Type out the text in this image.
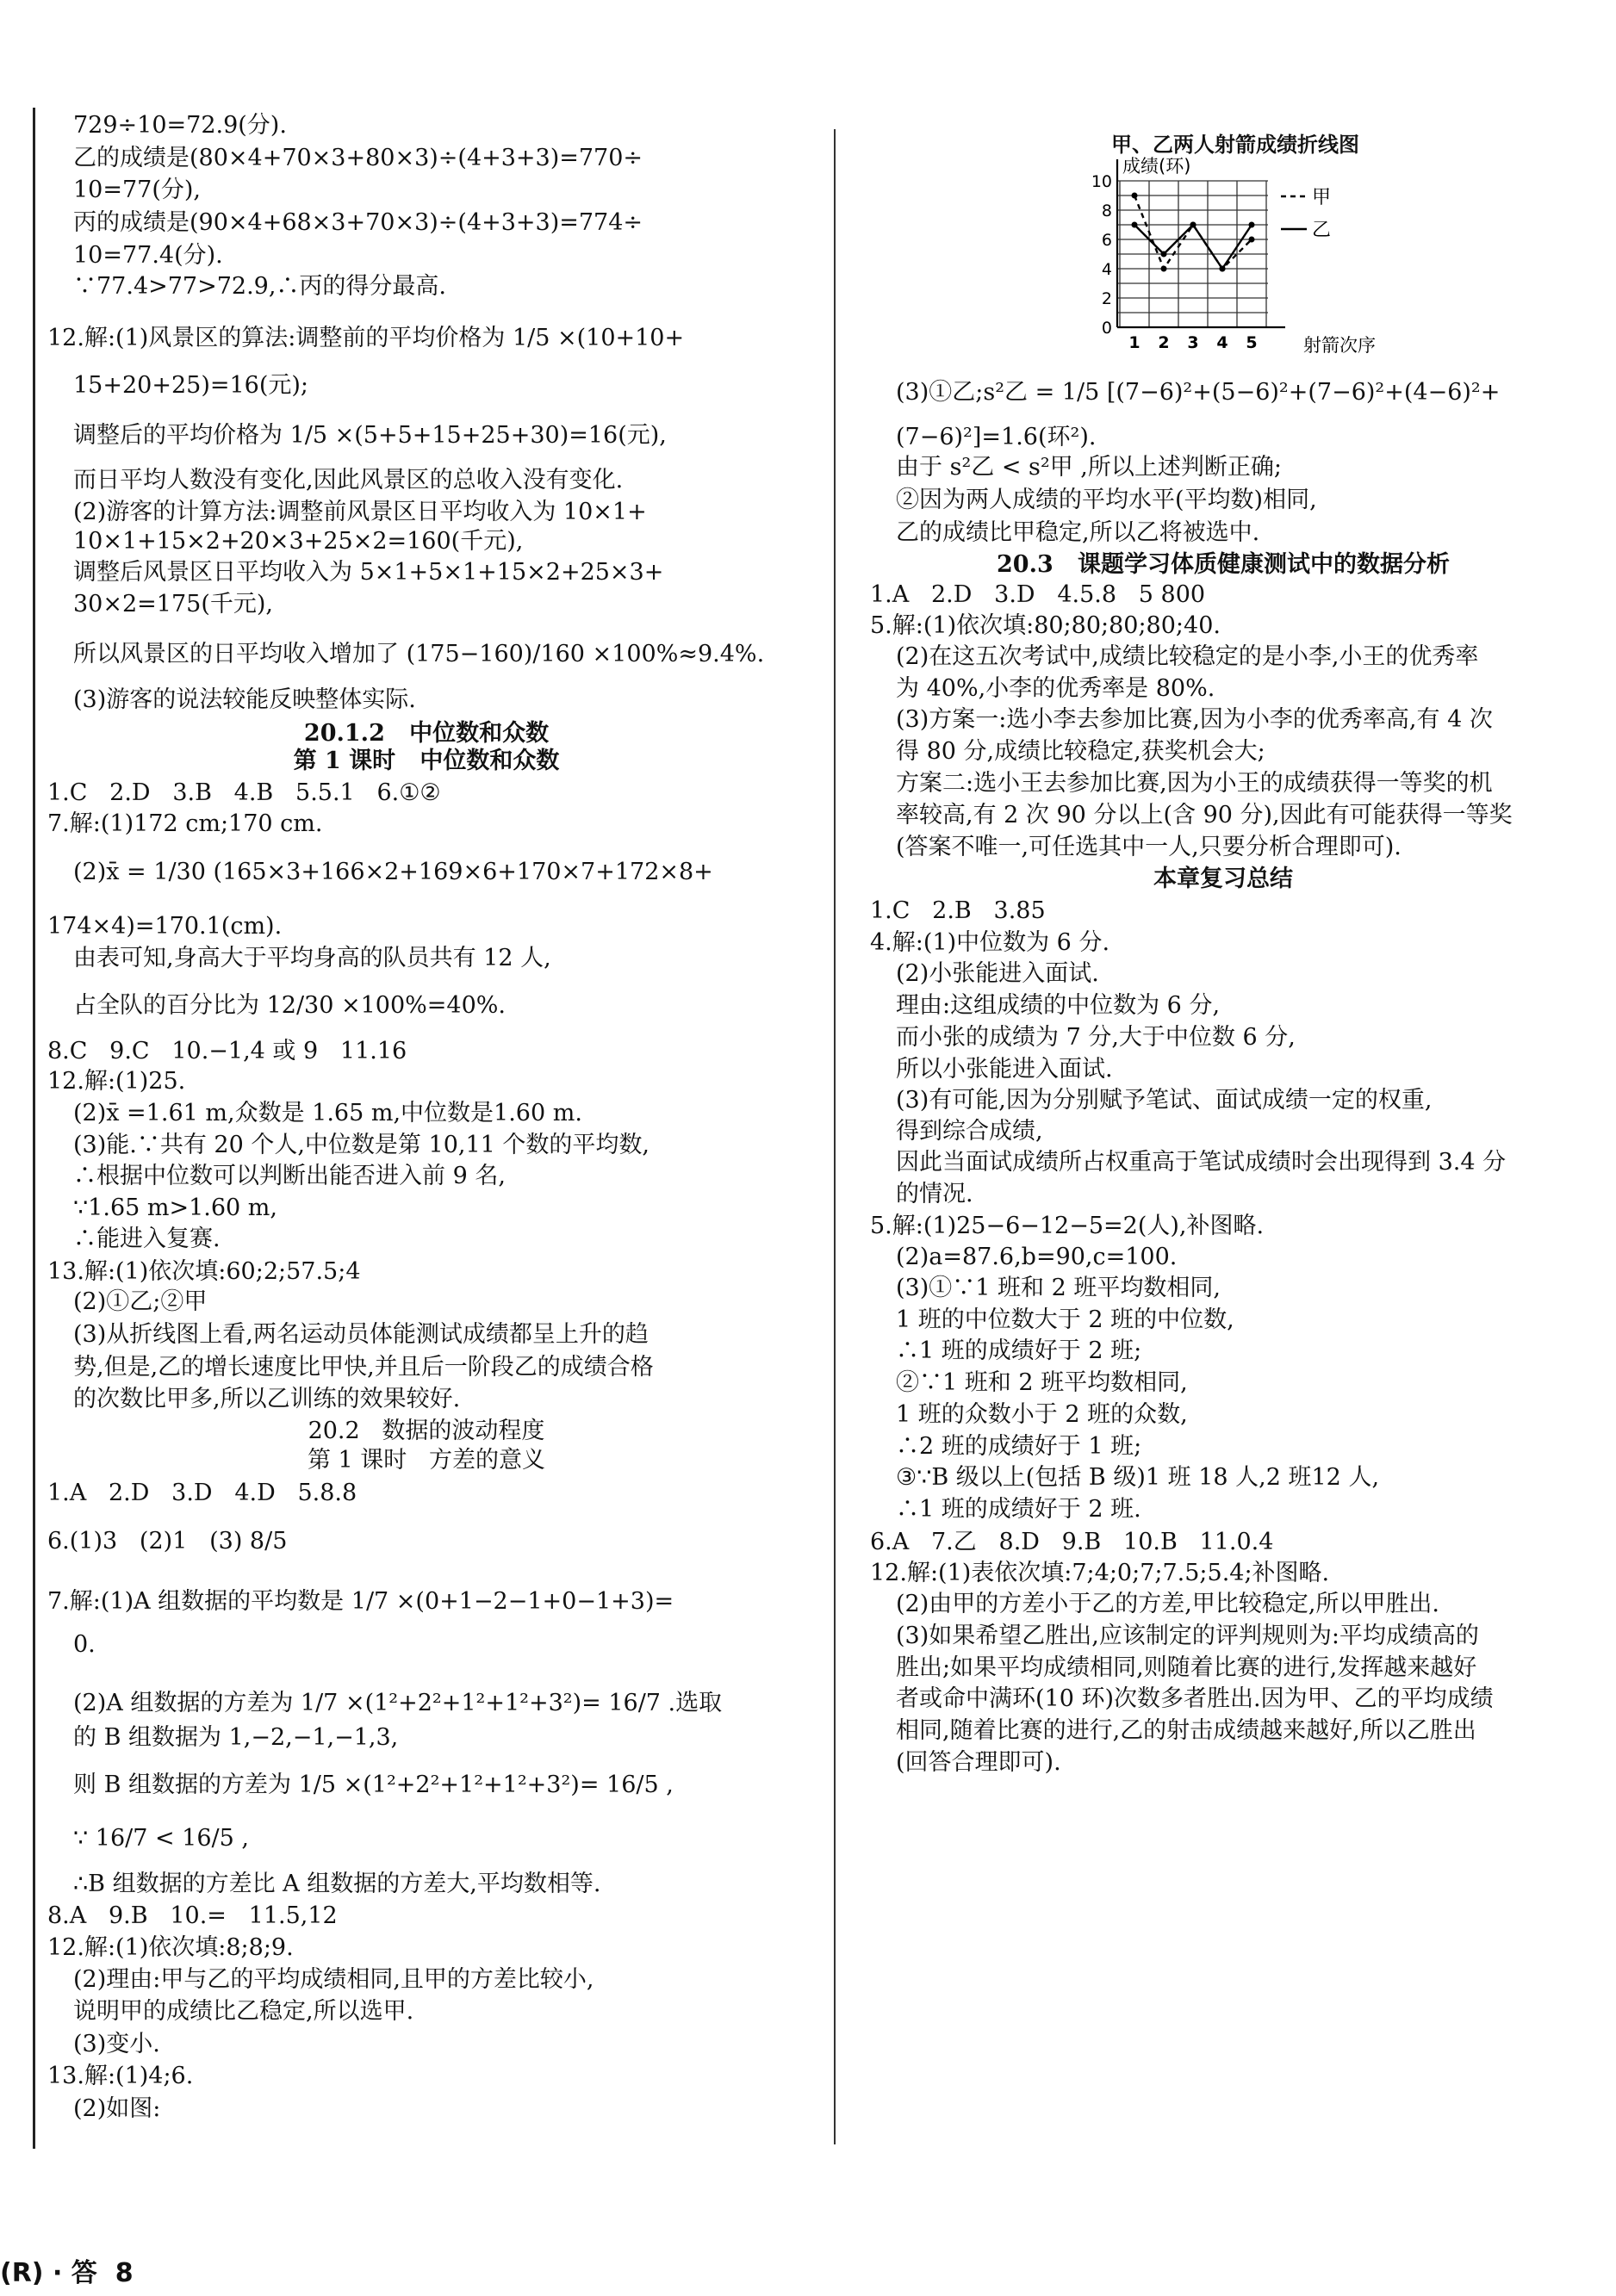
729÷10=72.9(分).
乙的成绩是(80×4+70×3+80×3)÷(4+3+3)=770÷
10=77(分),
丙的成绩是(90×4+68×3+70×3)÷(4+3+3)=774÷
10=77.4(分).
∵77.4>77>72.9,∴丙的得分最高.
12.解:(1)风景区的算法:调整前的平均价格为 1/5 ×(10+10+
15+20+25)=16(元);
调整后的平均价格为 1/5 ×(5+5+15+25+30)=16(元),
而日平均人数没有变化,因此风景区的总收入没有变化.
(2)游客的计算方法:调整前风景区日平均收入为 10×1+
10×1+15×2+20×3+25×2=160(千元),
调整后风景区日平均收入为 5×1+5×1+15×2+25×3+
30×2=175(千元),
所以风景区的日平均收入增加了 (175−160)/160 ×100%≈9.4%.
(3)游客的说法较能反映整体实际.
20.1.2   中位数和众数
第 1 课时   中位数和众数
1.C   2.D   3.B   4.B   5.5.1   6.①②
7.解:(1)172 cm;170 cm.
(2)x̄ = 1/30 (165×3+166×2+169×6+170×7+172×8+
174×4)=170.1(cm).
由表可知,身高大于平均身高的队员共有 12 人,
占全队的百分比为 12/30 ×100%=40%.
8.C   9.C   10.−1,4 或 9   11.16
12.解:(1)25.
(2)x̄ =1.61 m,众数是 1.65 m,中位数是1.60 m.
(3)能.∵共有 20 个人,中位数是第 10,11 个数的平均数,
∴根据中位数可以判断出能否进入前 9 名,
∵1.65 m>1.60 m,
∴能进入复赛.
13.解:(1)依次填:60;2;57.5;4
(2)①乙;②甲
(3)从折线图上看,两名运动员体能测试成绩都呈上升的趋
势,但是,乙的增长速度比甲快,并且后一阶段乙的成绩合格
的次数比甲多,所以乙训练的效果较好.
20.2   数据的波动程度
第 1 课时   方差的意义
1.A   2.D   3.D   4.D   5.8.8
6.(1)3   (2)1   (3) 8/5
7.解:(1)A 组数据的平均数是 1/7 ×(0+1−2−1+0−1+3)=
0.
(2)A 组数据的方差为 1/7 ×(1²+2²+1²+1²+3²)= 16/7 .选取
的 B 组数据为 1,−2,−1,−1,3,
则 B 组数据的方差为 1/5 ×(1²+2²+1²+1²+3²)= 16/5 ,
∵ 16/7 < 16/5 ,
∴B 组数据的方差比 A 组数据的方差大,平均数相等.
8.A   9.B   10.=   11.5,12
12.解:(1)依次填:8;8;9.
(2)理由:甲与乙的平均成绩相同,且甲的方差比较小,
说明甲的成绩比乙稳定,所以选甲.
(3)变小.
13.解:(1)4;6.
(2)如图:
(3)①乙;s²乙 = 1/5 [(7−6)²+(5−6)²+(7−6)²+(4−6)²+
(7−6)²]=1.6(环²).
由于 s²乙 < s²甲 ,所以上述判断正确;
②因为两人成绩的平均水平(平均数)相同,
乙的成绩比甲稳定,所以乙将被选中.
20.3   课题学习体质健康测试中的数据分析
1.A   2.D   3.D   4.5.8   5 800
5.解:(1)依次填:80;80;80;80;40.
(2)在这五次考试中,成绩比较稳定的是小李,小王的优秀率
为 40%,小李的优秀率是 80%.
(3)方案一:选小李去参加比赛,因为小李的优秀率高,有 4 次
得 80 分,成绩比较稳定,获奖机会大;
方案二:选小王去参加比赛,因为小王的成绩获得一等奖的机
率较高,有 2 次 90 分以上(含 90 分),因此有可能获得一等奖
(答案不唯一,可任选其中一人,只要分析合理即可).
本章复习总结
1.C   2.B   3.85
4.解:(1)中位数为 6 分.
(2)小张能进入面试.
理由:这组成绩的中位数为 6 分,
而小张的成绩为 7 分,大于中位数 6 分,
所以小张能进入面试.
(3)有可能,因为分别赋予笔试、面试成绩一定的权重,
得到综合成绩,
因此当面试成绩所占权重高于笔试成绩时会出现得到 3.4 分
的情况.
5.解:(1)25−6−12−5=2(人),补图略.
(2)a=87.6,b=90,c=100.
(3)①∵1 班和 2 班平均数相同,
1 班的中位数大于 2 班的中位数,
∴1 班的成绩好于 2 班;
②∵1 班和 2 班平均数相同,
1 班的众数小于 2 班的众数,
∴2 班的成绩好于 1 班;
③∵B 级以上(包括 B 级)1 班 18 人,2 班12 人,
∴1 班的成绩好于 2 班.
6.A   7.乙   8.D   9.B   10.B   11.0.4
12.解:(1)表依次填:7;4;0;7;7.5;5.4;补图略.
(2)由甲的方差小于乙的方差,甲比较稳定,所以甲胜出.
(3)如果希望乙胜出,应该制定的评判规则为:平均成绩高的
胜出;如果平均成绩相同,则随着比赛的进行,发挥越来越好
者或命中满环(10 环)次数多者胜出.因为甲、乙的平均成绩
相同,随着比赛的进行,乙的射击成绩越来越好,所以乙胜出
(回答合理即可).
甲、乙两人射箭成绩折线图
成绩(环)
射箭次序
0
2
4
6
8
10
1 2 3 4 5
甲
乙
(R) · 答  8
